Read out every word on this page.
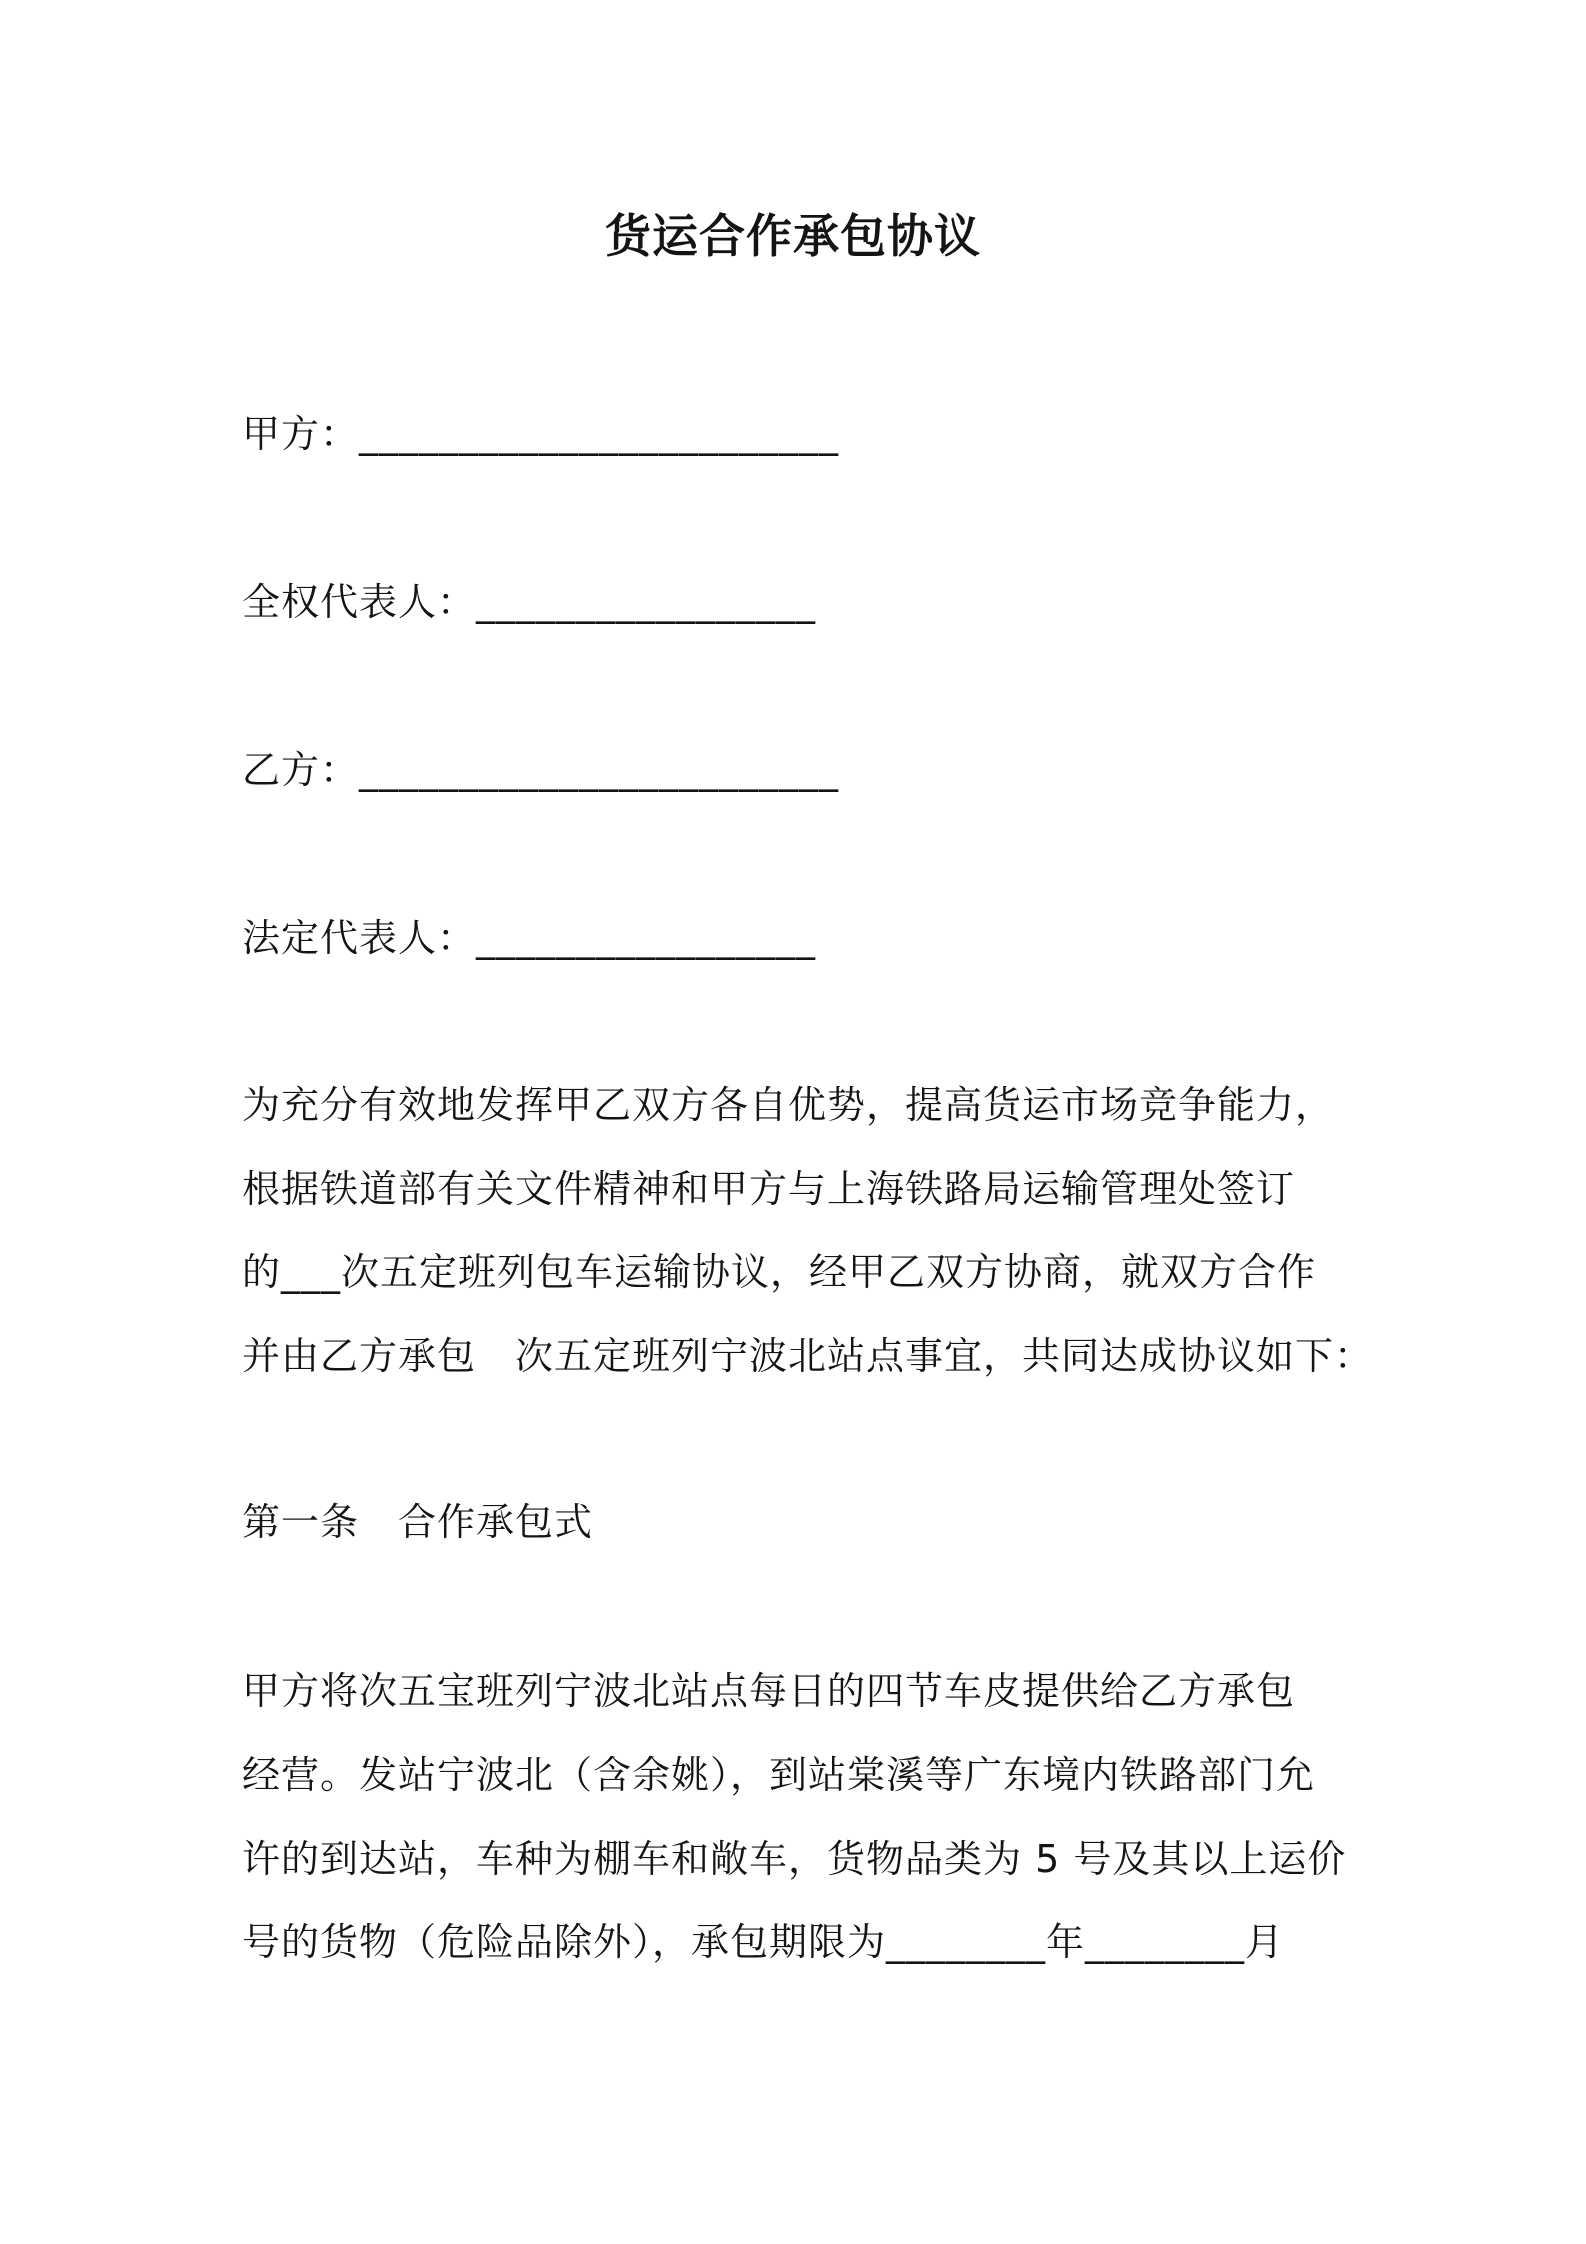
货运合作承包协议
甲方：________________________
全权代表人：_________________
乙方：________________________
法定代表人：_________________
为充分有效地发挥甲乙双方各自优势，提高货运市场竞争能力，
根据铁道部有关文件精神和甲方与上海铁路局运输管理处签订
的___次五定班列包车运输协议，经甲乙双方协商，就双方合作
并由乙方承包　次五定班列宁波北站点事宜，共同达成协议如下：
第一条　合作承包式
甲方将次五宝班列宁波北站点每日的四节车皮提供给乙方承包
经营。发站宁波北（含余姚），到站棠溪等广东境内铁路部门允
许的到达站，车种为棚车和敞车，货物品类为 5 号及其以上运价
号的货物（危险品除外），承包期限为________年________月
